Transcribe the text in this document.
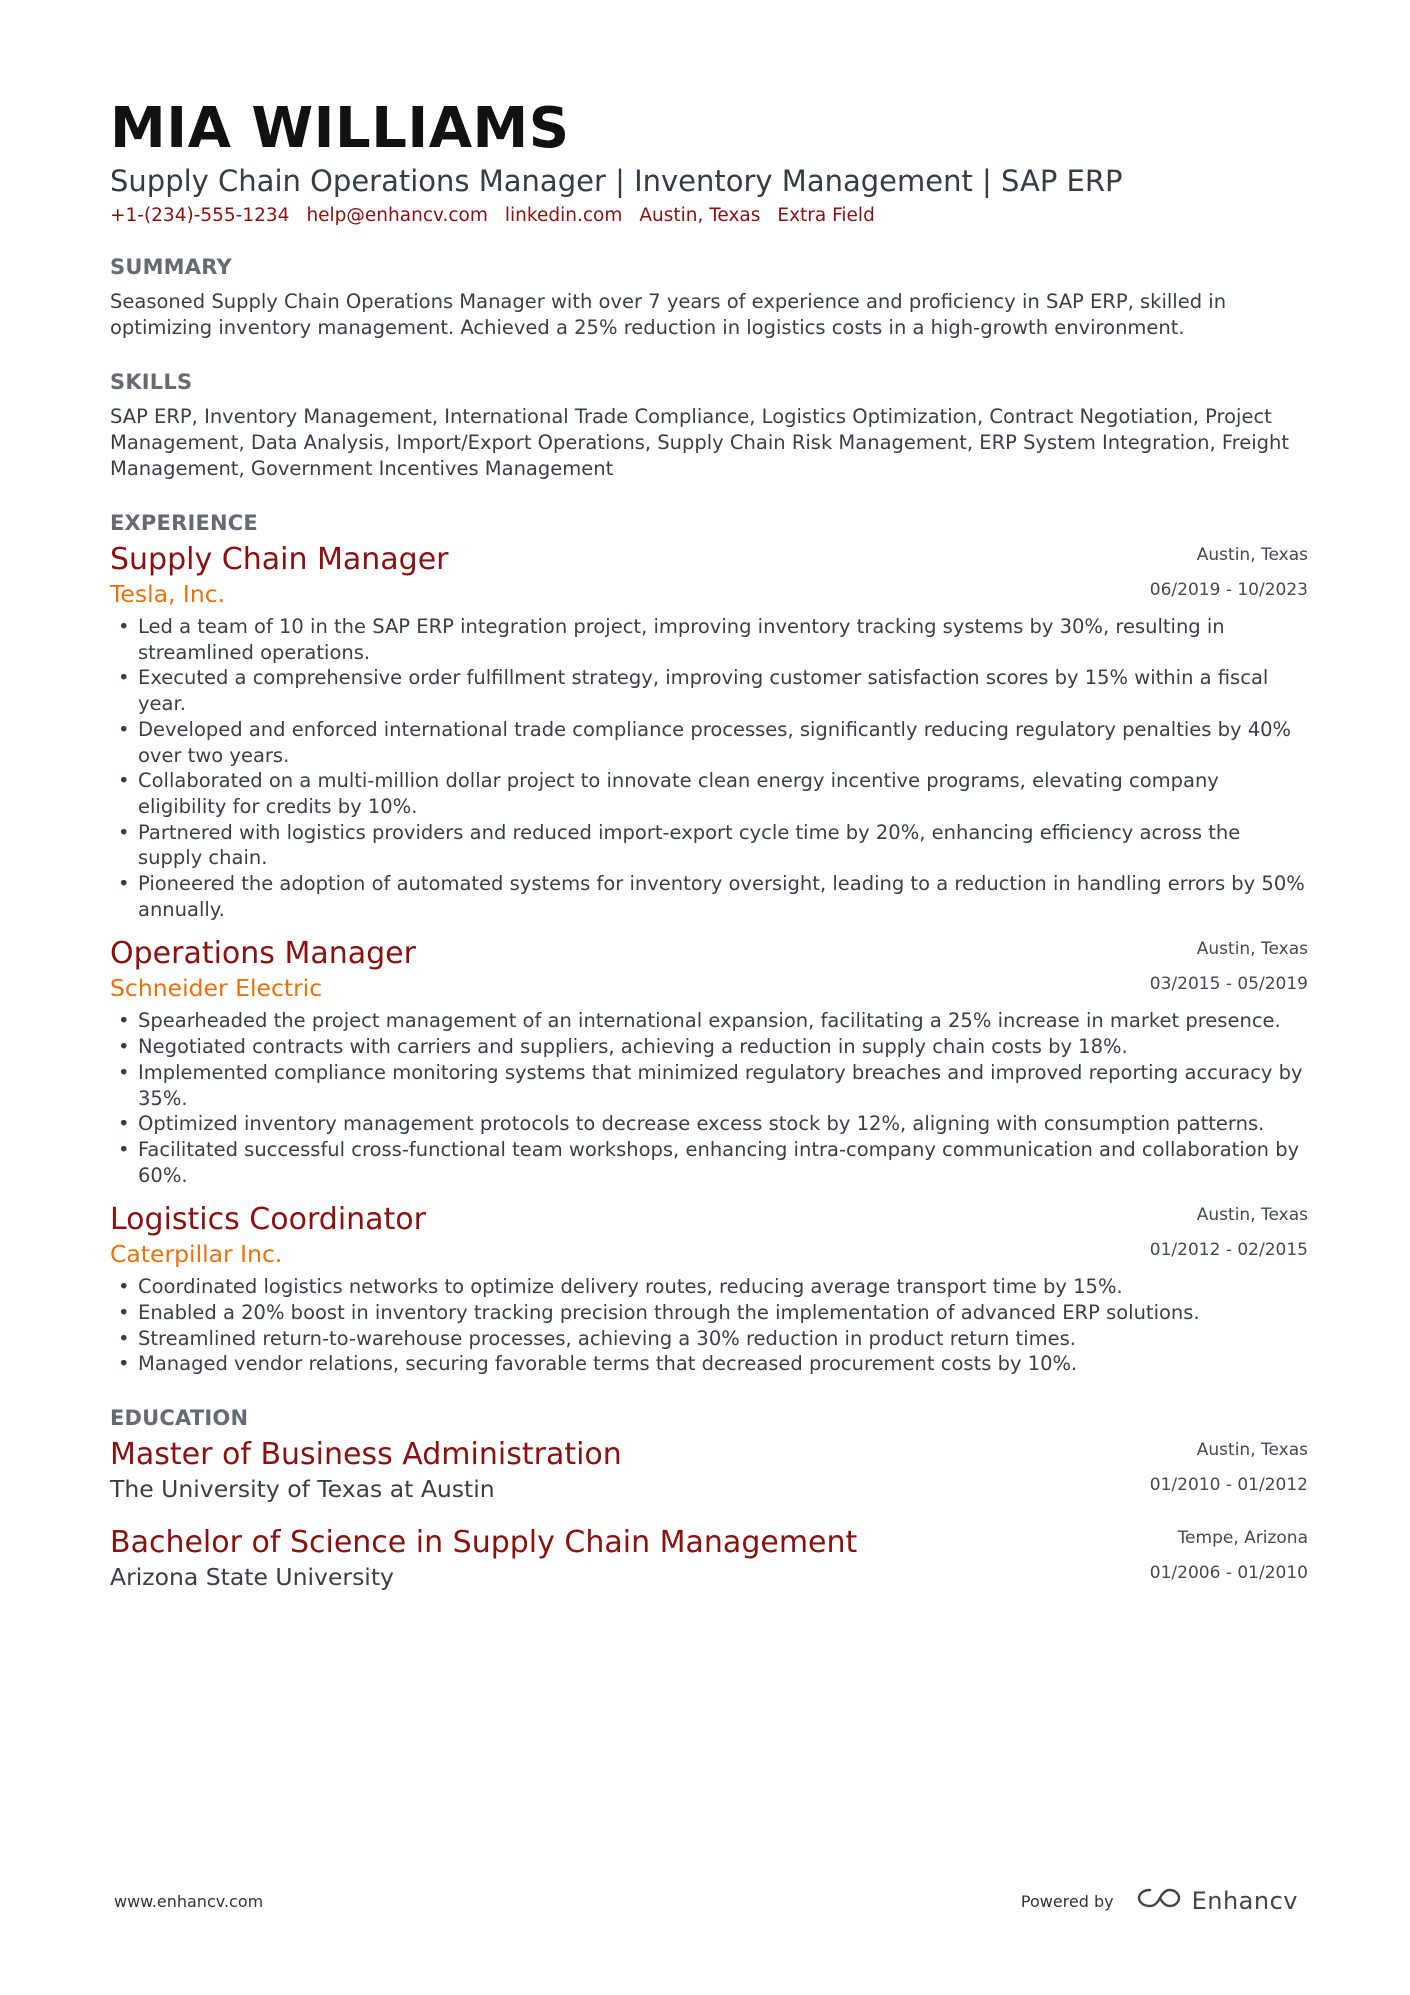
MIA WILLIAMS
Supply Chain Operations Manager | Inventory Management | SAP ERP
+1-(234)-555-1234 help@enhancv.com linkedin.com Austin, Texas Extra Field
SUMMARY
Seasoned Supply Chain Operations Manager with over 7 years of experience and proficiency in SAP ERP, skilled in optimizing inventory management. Achieved a 25% reduction in logistics costs in a high-growth environment.
SKILLS
SAP ERP, Inventory Management, International Trade Compliance, Logistics Optimization, Contract Negotiation, Project Management, Data Analysis, Import/Export Operations, Supply Chain Risk Management, ERP System Integration, Freight Management, Government Incentives Management
EXPERIENCE
Supply Chain Manager
Tesla, Inc.
Austin, Texas
06/2019 - 10/2023
• Led a team of 10 in the SAP ERP integration project, improving inventory tracking systems by 30%, resulting in streamlined operations.
• Executed a comprehensive order fulfillment strategy, improving customer satisfaction scores by 15% within a fiscal year.
• Developed and enforced international trade compliance processes, significantly reducing regulatory penalties by 40% over two years.
• Collaborated on a multi-million dollar project to innovate clean energy incentive programs, elevating company eligibility for credits by 10%.
• Partnered with logistics providers and reduced import-export cycle time by 20%, enhancing efficiency across the supply chain.
• Pioneered the adoption of automated systems for inventory oversight, leading to a reduction in handling errors by 50% annually.
Operations Manager
Schneider Electric
Austin, Texas
03/2015 - 05/2019
• Spearheaded the project management of an international expansion, facilitating a 25% increase in market presence.
• Negotiated contracts with carriers and suppliers, achieving a reduction in supply chain costs by 18%.
• Implemented compliance monitoring systems that minimized regulatory breaches and improved reporting accuracy by 35%.
• Optimized inventory management protocols to decrease excess stock by 12%, aligning with consumption patterns.
• Facilitated successful cross-functional team workshops, enhancing intra-company communication and collaboration by 60%.
Logistics Coordinator
Caterpillar Inc.
Austin, Texas
01/2012 - 02/2015
• Coordinated logistics networks to optimize delivery routes, reducing average transport time by 15%.
• Enabled a 20% boost in inventory tracking precision through the implementation of advanced ERP solutions.
• Streamlined return-to-warehouse processes, achieving a 30% reduction in product return times.
• Managed vendor relations, securing favorable terms that decreased procurement costs by 10%.
EDUCATION
Master of Business Administration
The University of Texas at Austin
Austin, Texas
01/2010 - 01/2012
Bachelor of Science in Supply Chain Management
Arizona State University
Tempe, Arizona
01/2006 - 01/2010
www.enhancv.com	Powered by	Enhancv
